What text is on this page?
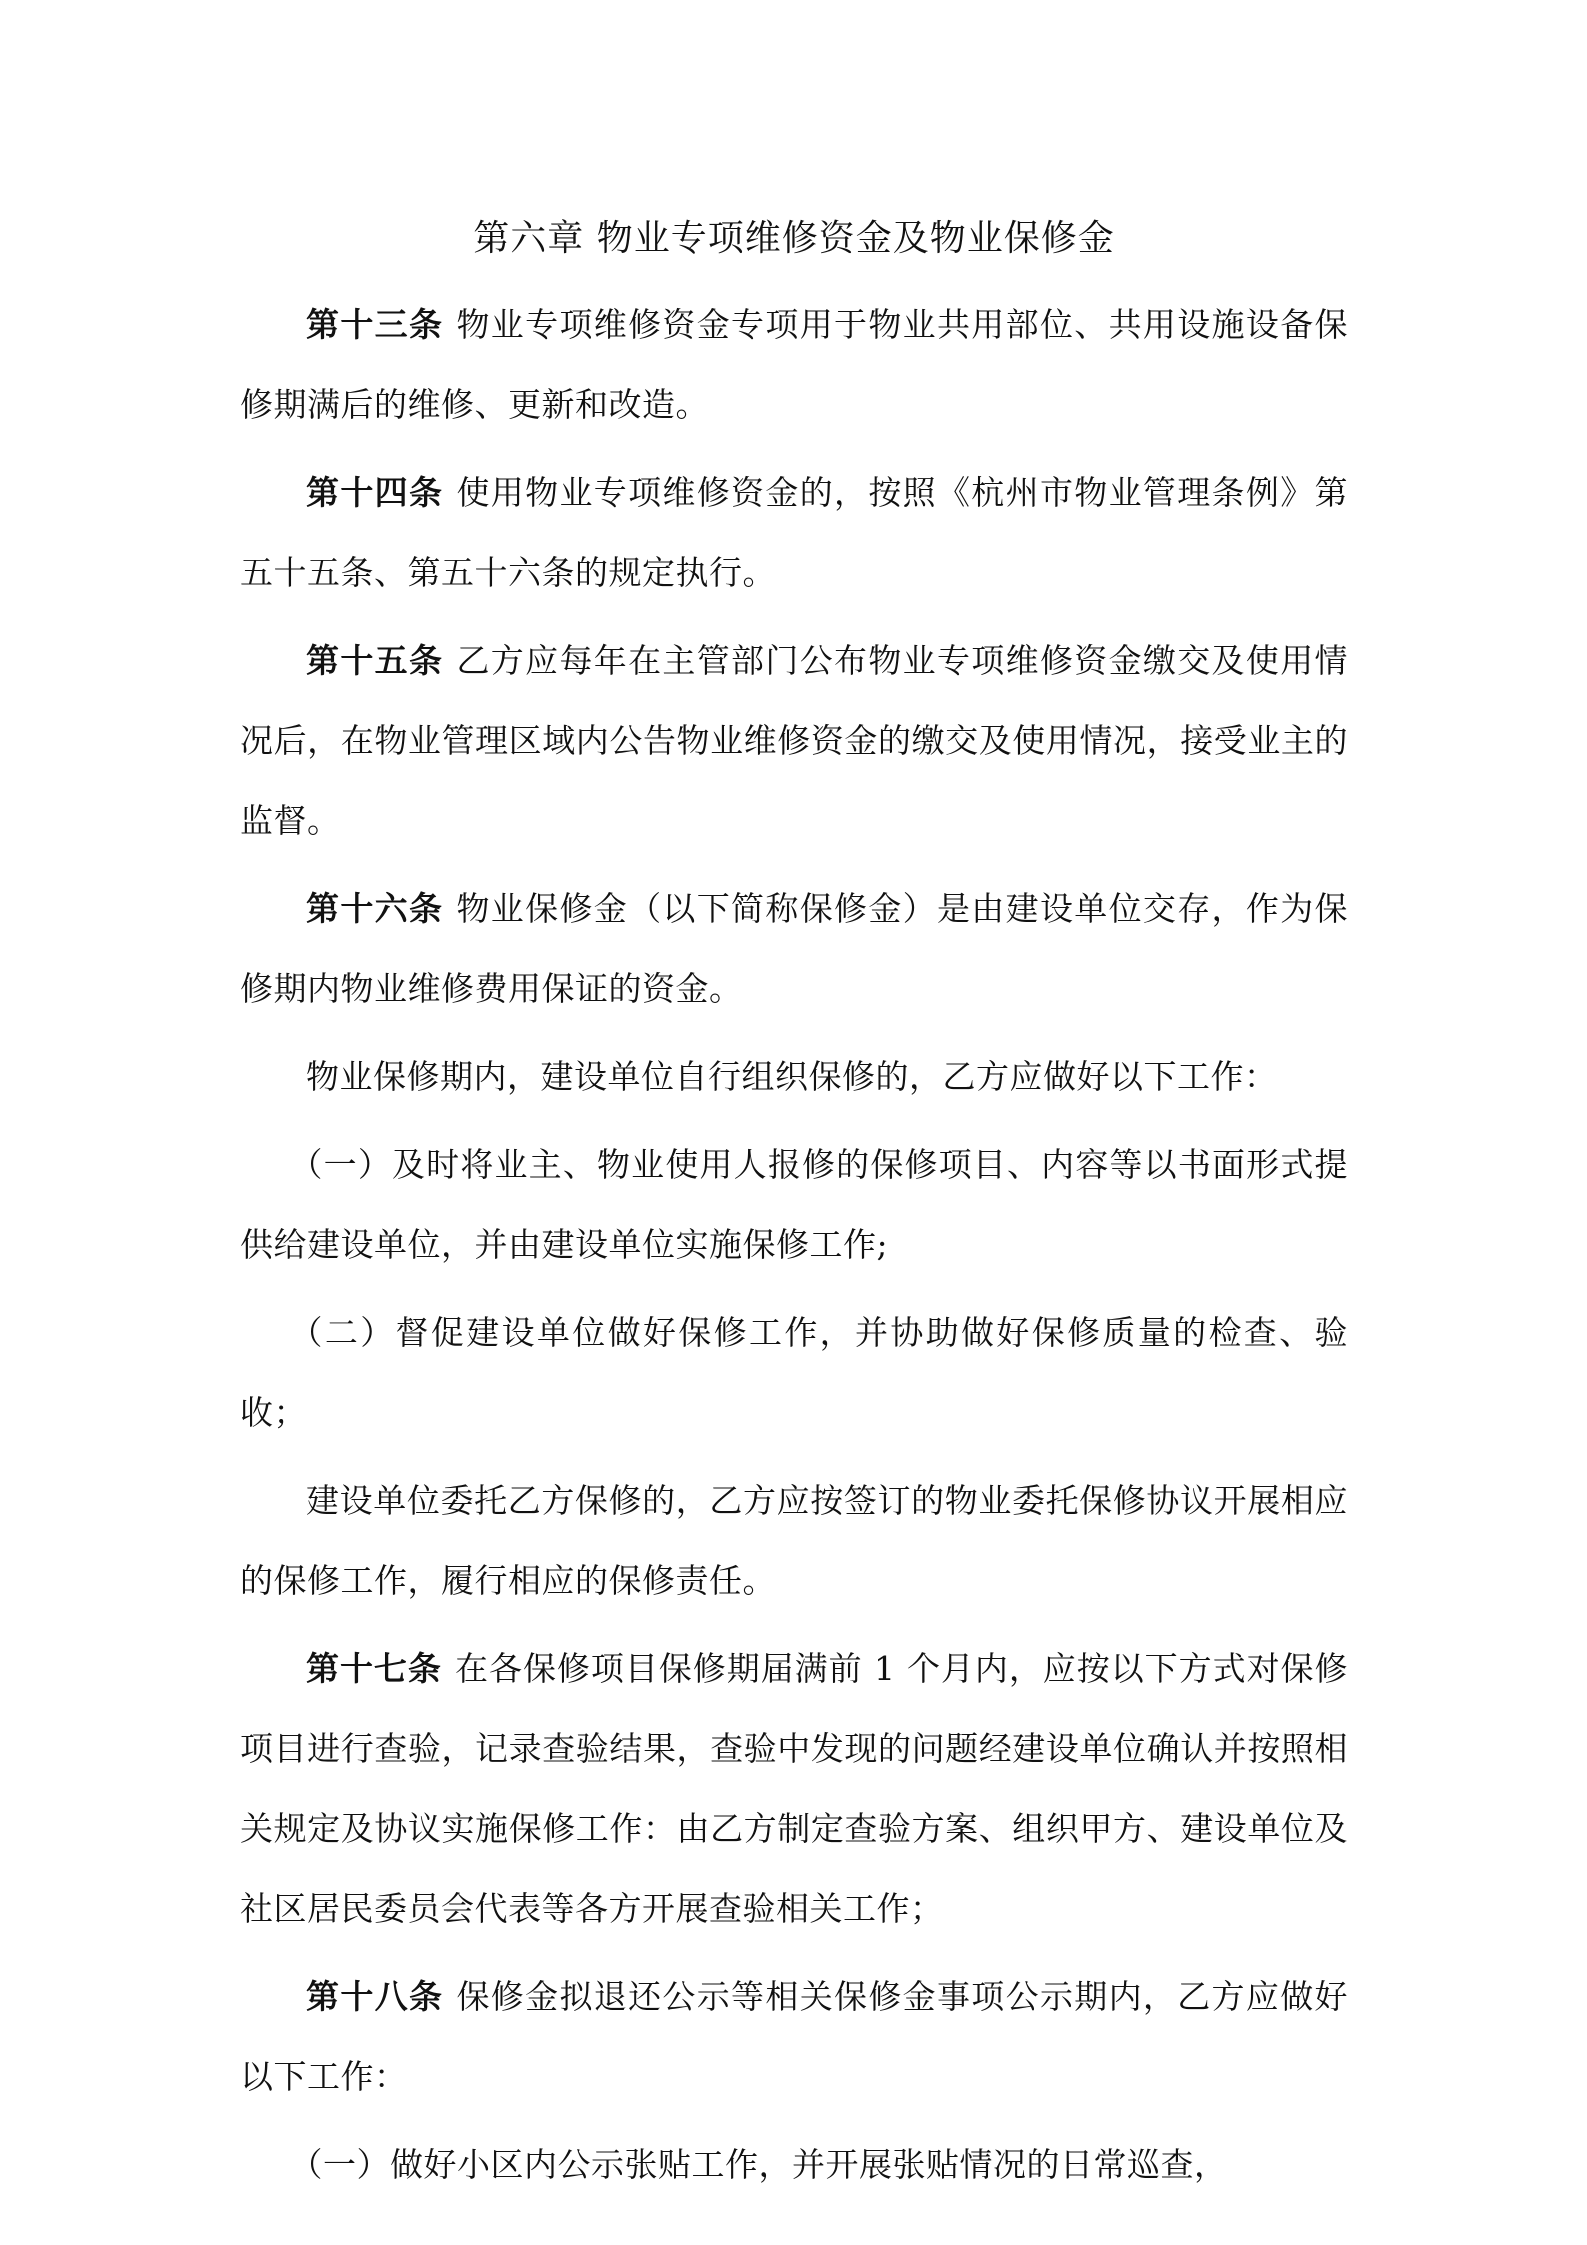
第六章 物业专项维修资金及物业保修金

第十三条 物业专项维修资金专项用于物业共用部位、共用设施设备保修期满后的维修、更新和改造。

第十四条 使用物业专项维修资金的，按照《杭州市物业管理条例》第五十五条、第五十六条的规定执行。

第十五条 乙方应每年在主管部门公布物业专项维修资金缴交及使用情况后，在物业管理区域内公告物业维修资金的缴交及使用情况，接受业主的监督。

第十六条 物业保修金（以下简称保修金）是由建设单位交存，作为保修期内物业维修费用保证的资金。

物业保修期内，建设单位自行组织保修的，乙方应做好以下工作：

（一）及时将业主、物业使用人报修的保修项目、内容等以书面形式提供给建设单位，并由建设单位实施保修工作;

（二）督促建设单位做好保修工作，并协助做好保修质量的检查、验收；

建设单位委托乙方保修的，乙方应按签订的物业委托保修协议开展相应的保修工作，履行相应的保修责任。

第十七条 在各保修项目保修期届满前 1 个月内，应按以下方式对保修项目进行查验，记录查验结果，查验中发现的问题经建设单位确认并按照相关规定及协议实施保修工作：由乙方制定查验方案、组织甲方、建设单位及社区居民委员会代表等各方开展查验相关工作；

第十八条 保修金拟退还公示等相关保修金事项公示期内，乙方应做好以下工作：

（一）做好小区内公示张贴工作，并开展张贴情况的日常巡查，
